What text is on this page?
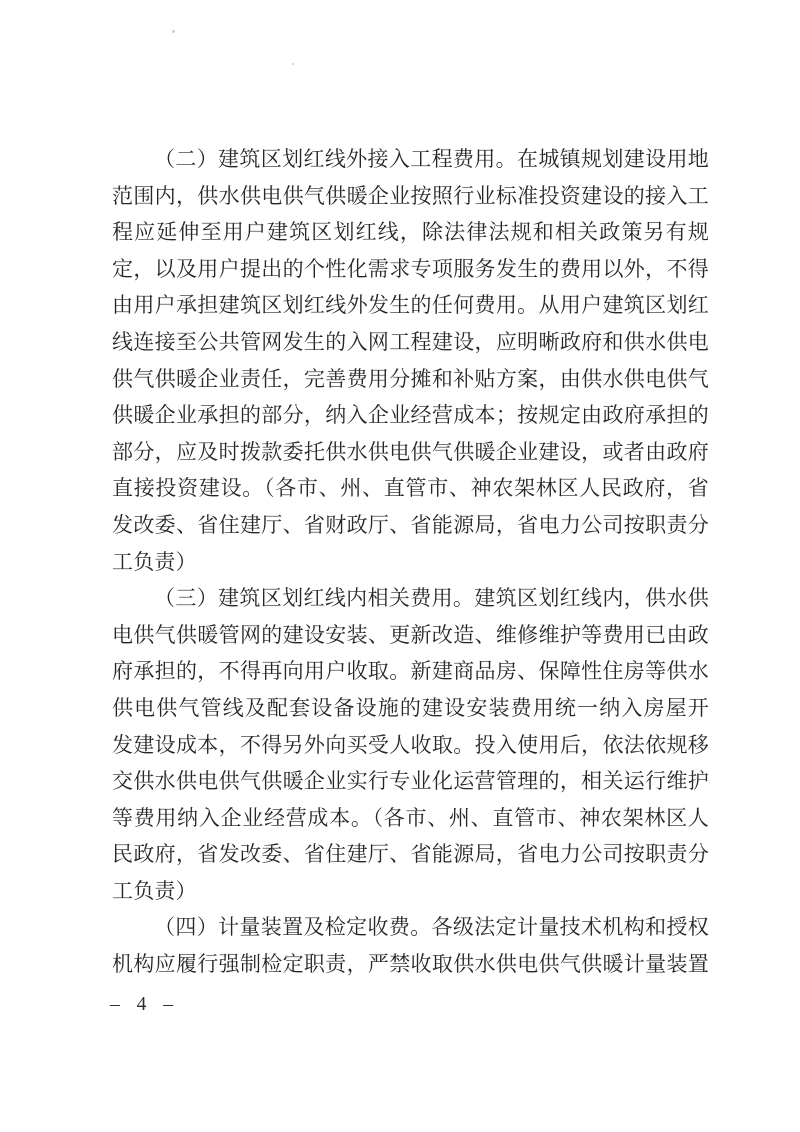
（二）建筑区划红线外接入工程费用。在城镇规划建设用地
范围内，供水供电供气供暖企业按照行业标准投资建设的接入工
程应延伸至用户建筑区划红线，除法律法规和相关政策另有规
定，以及用户提出的个性化需求专项服务发生的费用以外，不得
由用户承担建筑区划红线外发生的任何费用。从用户建筑区划红
线连接至公共管网发生的入网工程建设，应明晰政府和供水供电
供气供暖企业责任，完善费用分摊和补贴方案，由供水供电供气
供暖企业承担的部分，纳入企业经营成本；按规定由政府承担的
部分，应及时拨款委托供水供电供气供暖企业建设，或者由政府
直接投资建设。（各市、州、直管市、神农架林区人民政府，省
发改委、省住建厅、省财政厅、省能源局，省电力公司按职责分
工负责）
（三）建筑区划红线内相关费用。建筑区划红线内，供水供
电供气供暖管网的建设安装、更新改造、维修维护等费用已由政
府承担的，不得再向用户收取。新建商品房、保障性住房等供水
供电供气管线及配套设备设施的建设安装费用统一纳入房屋开
发建设成本，不得另外向买受人收取。投入使用后，依法依规移
交供水供电供气供暖企业实行专业化运营管理的，相关运行维护
等费用纳入企业经营成本。（各市、州、直管市、神农架林区人
民政府，省发改委、省住建厅、省能源局，省电力公司按职责分
工负责）
（四）计量装置及检定收费。各级法定计量技术机构和授权
机构应履行强制检定职责，严禁收取供水供电供气供暖计量装置
– 4 –
